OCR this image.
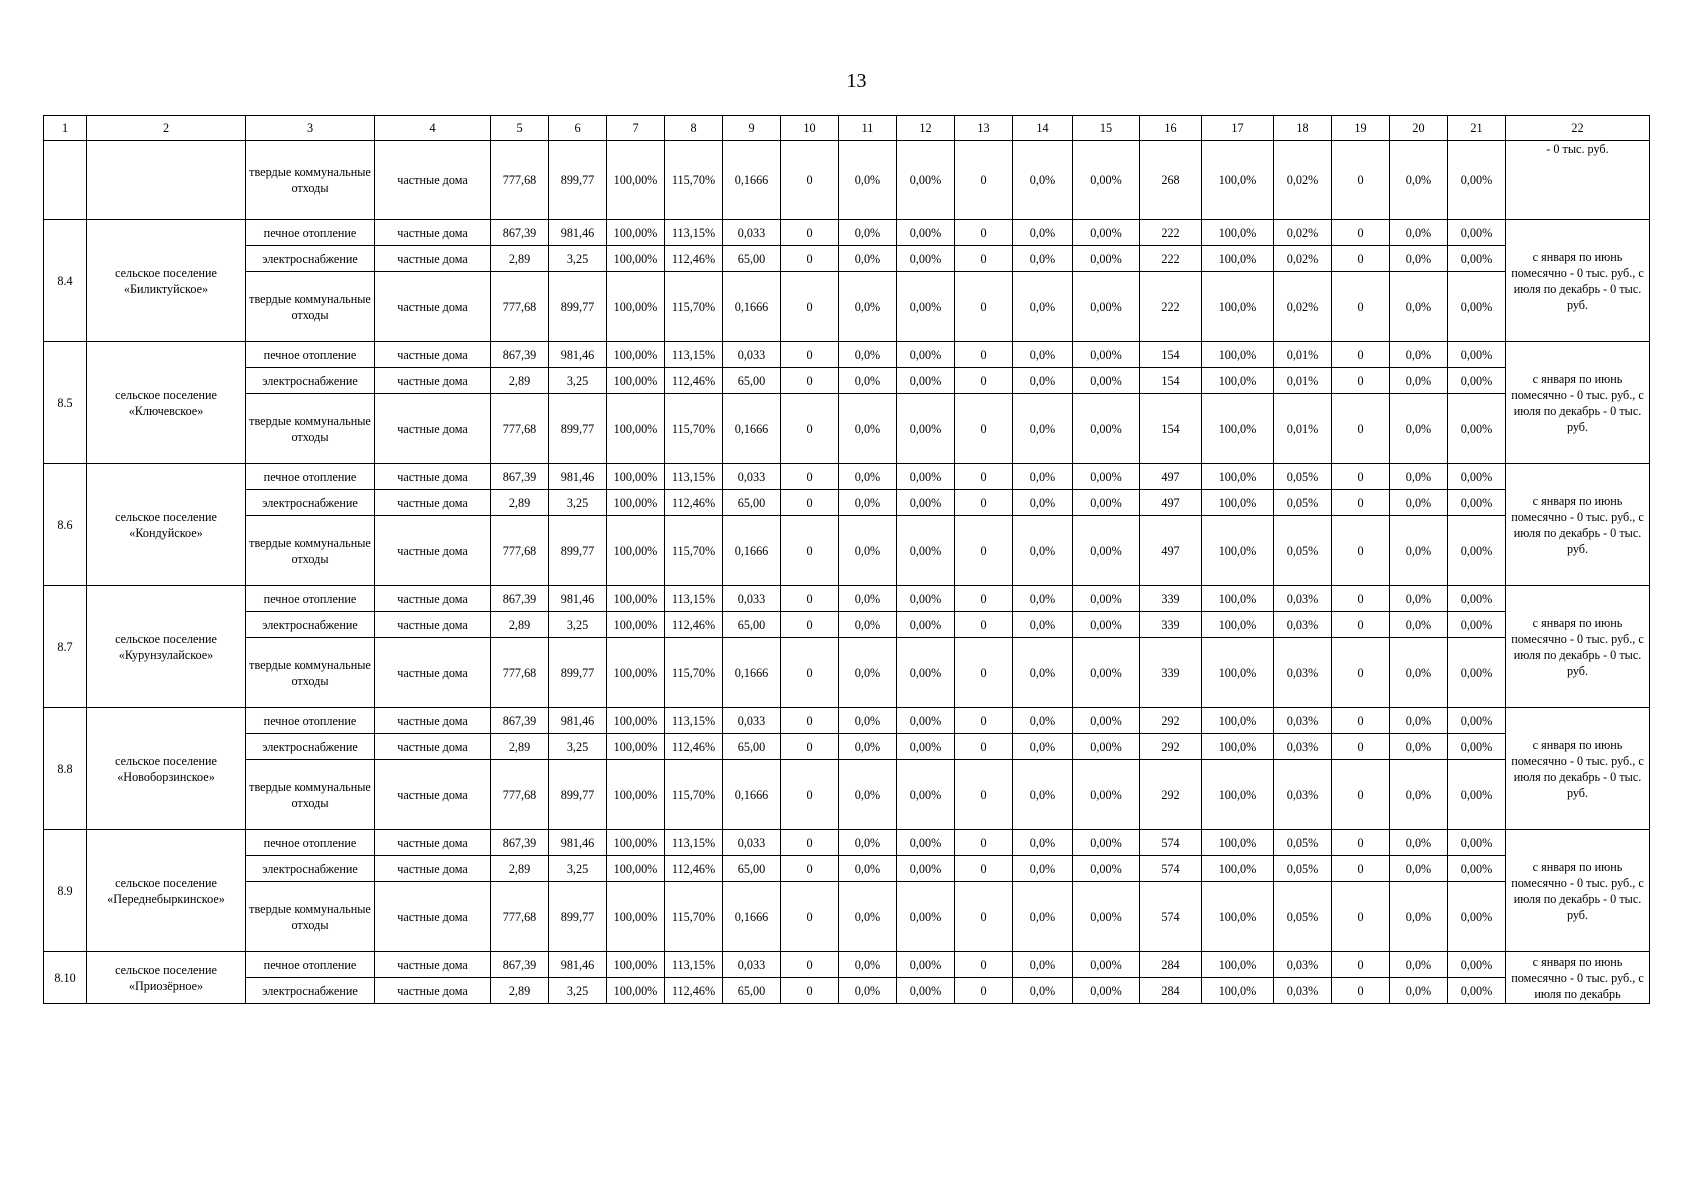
13
1	2	3	4	5	6	7	8	9	10	11	12	13	14	15	16	17	18	19	20	21	22
		твердые коммунальные отходы	частные дома	777,68	899,77	100,00%	115,70%	0,1666	0	0,0%	0,00%	0	0,0%	0,00%	268	100,0%	0,02%	0	0,0%	0,00%	- 0 тыс. руб.
8.4	сельское поселение «Биликтуйское»	печное отопление	частные дома	867,39	981,46	100,00%	113,15%	0,033	0	0,0%	0,00%	0	0,0%	0,00%	222	100,0%	0,02%	0	0,0%	0,00%	с января по июнь помесячно - 0 тыс. руб., с июля по декабрь - 0 тыс. руб.
		электроснабжение	частные дома	2,89	3,25	100,00%	112,46%	65,00	0	0,0%	0,00%	0	0,0%	0,00%	222	100,0%	0,02%	0	0,0%	0,00%	
		твердые коммунальные отходы	частные дома	777,68	899,77	100,00%	115,70%	0,1666	0	0,0%	0,00%	0	0,0%	0,00%	222	100,0%	0,02%	0	0,0%	0,00%	
8.5	сельское поселение «Ключевское»	печное отопление	частные дома	867,39	981,46	100,00%	113,15%	0,033	0	0,0%	0,00%	0	0,0%	0,00%	154	100,0%	0,01%	0	0,0%	0,00%	с января по июнь помесячно - 0 тыс. руб., с июля по декабрь - 0 тыс. руб.
		электроснабжение	частные дома	2,89	3,25	100,00%	112,46%	65,00	0	0,0%	0,00%	0	0,0%	0,00%	154	100,0%	0,01%	0	0,0%	0,00%	
		твердые коммунальные отходы	частные дома	777,68	899,77	100,00%	115,70%	0,1666	0	0,0%	0,00%	0	0,0%	0,00%	154	100,0%	0,01%	0	0,0%	0,00%	
8.6	сельское поселение «Кондуйское»	печное отопление	частные дома	867,39	981,46	100,00%	113,15%	0,033	0	0,0%	0,00%	0	0,0%	0,00%	497	100,0%	0,05%	0	0,0%	0,00%	с января по июнь помесячно - 0 тыс. руб., с июля по декабрь - 0 тыс. руб.
		электроснабжение	частные дома	2,89	3,25	100,00%	112,46%	65,00	0	0,0%	0,00%	0	0,0%	0,00%	497	100,0%	0,05%	0	0,0%	0,00%	
		твердые коммунальные отходы	частные дома	777,68	899,77	100,00%	115,70%	0,1666	0	0,0%	0,00%	0	0,0%	0,00%	497	100,0%	0,05%	0	0,0%	0,00%	
8.7	сельское поселение «Курунзулайское»	печное отопление	частные дома	867,39	981,46	100,00%	113,15%	0,033	0	0,0%	0,00%	0	0,0%	0,00%	339	100,0%	0,03%	0	0,0%	0,00%	с января по июнь помесячно - 0 тыс. руб., с июля по декабрь - 0 тыс. руб.
		электроснабжение	частные дома	2,89	3,25	100,00%	112,46%	65,00	0	0,0%	0,00%	0	0,0%	0,00%	339	100,0%	0,03%	0	0,0%	0,00%	
		твердые коммунальные отходы	частные дома	777,68	899,77	100,00%	115,70%	0,1666	0	0,0%	0,00%	0	0,0%	0,00%	339	100,0%	0,03%	0	0,0%	0,00%	
8.8	сельское поселение «Новоборзинское»	печное отопление	частные дома	867,39	981,46	100,00%	113,15%	0,033	0	0,0%	0,00%	0	0,0%	0,00%	292	100,0%	0,03%	0	0,0%	0,00%	с января по июнь помесячно - 0 тыс. руб., с июля по декабрь - 0 тыс. руб.
		электроснабжение	частные дома	2,89	3,25	100,00%	112,46%	65,00	0	0,0%	0,00%	0	0,0%	0,00%	292	100,0%	0,03%	0	0,0%	0,00%	
		твердые коммунальные отходы	частные дома	777,68	899,77	100,00%	115,70%	0,1666	0	0,0%	0,00%	0	0,0%	0,00%	292	100,0%	0,03%	0	0,0%	0,00%	
8.9	сельское поселение «Переднебыркинское»	печное отопление	частные дома	867,39	981,46	100,00%	113,15%	0,033	0	0,0%	0,00%	0	0,0%	0,00%	574	100,0%	0,05%	0	0,0%	0,00%	с января по июнь помесячно - 0 тыс. руб., с июля по декабрь - 0 тыс. руб.
		электроснабжение	частные дома	2,89	3,25	100,00%	112,46%	65,00	0	0,0%	0,00%	0	0,0%	0,00%	574	100,0%	0,05%	0	0,0%	0,00%	
		твердые коммунальные отходы	частные дома	777,68	899,77	100,00%	115,70%	0,1666	0	0,0%	0,00%	0	0,0%	0,00%	574	100,0%	0,05%	0	0,0%	0,00%	
8.10	сельское поселение «Приозёрное»	печное отопление	частные дома	867,39	981,46	100,00%	113,15%	0,033	0	0,0%	0,00%	0	0,0%	0,00%	284	100,0%	0,03%	0	0,0%	0,00%	с января по июнь помесячно - 0 тыс. руб., с июля по декабрь
		электроснабжение	частные дома	2,89	3,25	100,00%	112,46%	65,00	0	0,0%	0,00%	0	0,0%	0,00%	284	100,0%	0,03%	0	0,0%	0,00%	
